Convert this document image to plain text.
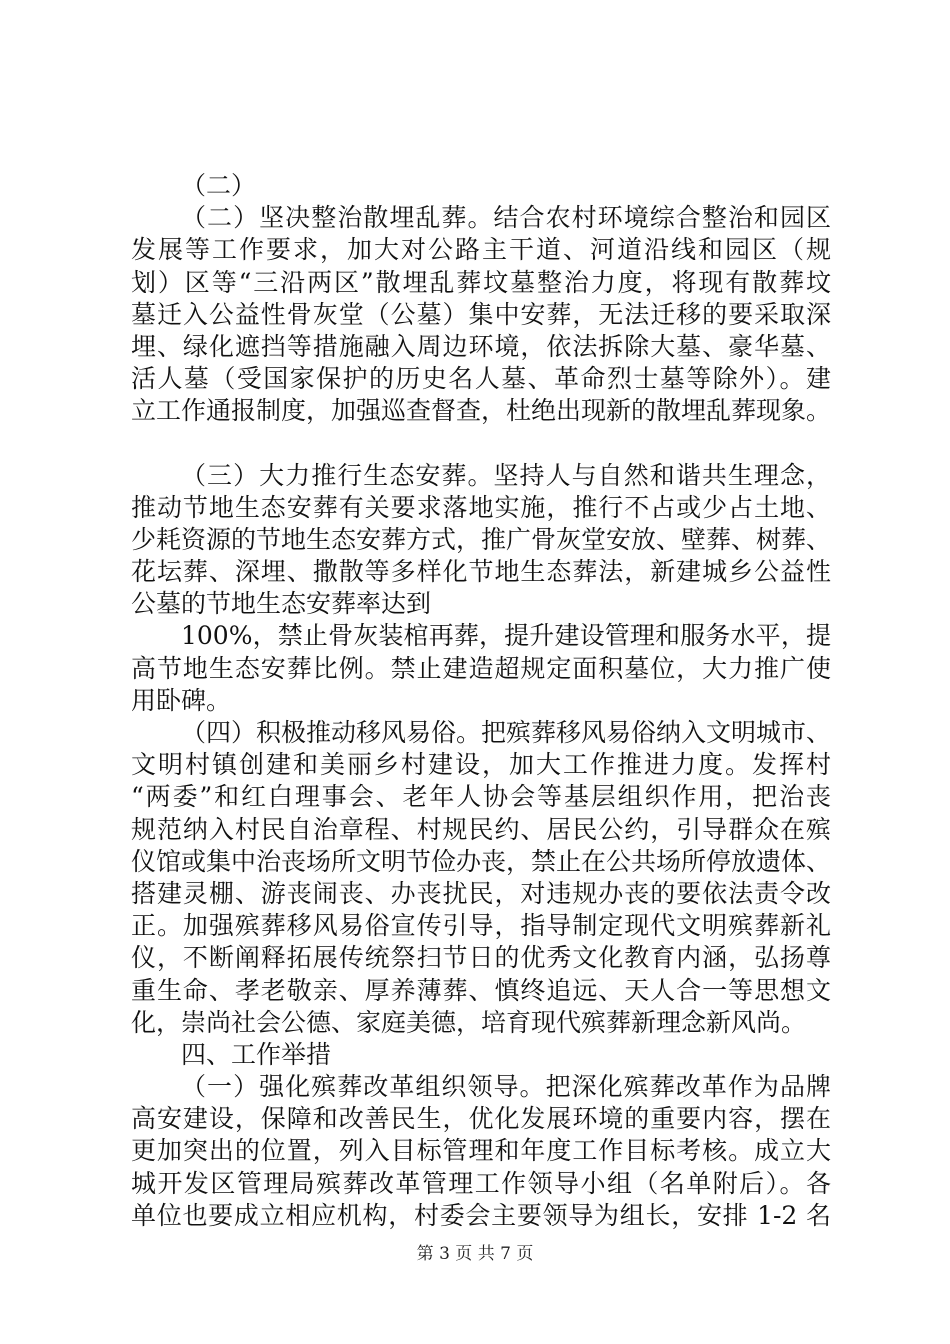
（二）
（二）坚决整治散埋乱葬。结合农村环境综合整治和园区
发展等工作要求，加大对公路主干道、河道沿线和园区（规
划）区等“三沿两区”散埋乱葬坟墓整治力度，将现有散葬坟
墓迁入公益性骨灰堂（公墓）集中安葬，无法迁移的要采取深
埋、绿化遮挡等措施融入周边环境，依法拆除大墓、豪华墓、
活人墓（受国家保护的历史名人墓、革命烈士墓等除外）。建
立工作通报制度，加强巡查督查，杜绝出现新的散埋乱葬现象。
（三）大力推行生态安葬。坚持人与自然和谐共生理念，
推动节地生态安葬有关要求落地实施，推行不占或少占土地、
少耗资源的节地生态安葬方式，推广骨灰堂安放、壁葬、树葬、
花坛葬、深埋、撒散等多样化节地生态葬法，新建城乡公益性
公墓的节地生态安葬率达到
100%，禁止骨灰装棺再葬，提升建设管理和服务水平，提
高节地生态安葬比例。禁止建造超规定面积墓位，大力推广使
用卧碑。
（四）积极推动移风易俗。把殡葬移风易俗纳入文明城市、
文明村镇创建和美丽乡村建设，加大工作推进力度。发挥村
“两委”和红白理事会、老年人协会等基层组织作用，把治丧
规范纳入村民自治章程、村规民约、居民公约，引导群众在殡
仪馆或集中治丧场所文明节俭办丧，禁止在公共场所停放遗体、
搭建灵棚、游丧闹丧、办丧扰民，对违规办丧的要依法责令改
正。加强殡葬移风易俗宣传引导，指导制定现代文明殡葬新礼
仪，不断阐释拓展传统祭扫节日的优秀文化教育内涵，弘扬尊
重生命、孝老敬亲、厚养薄葬、慎终追远、天人合一等思想文
化，崇尚社会公德、家庭美德，培育现代殡葬新理念新风尚。
四、工作举措
（一）强化殡葬改革组织领导。把深化殡葬改革作为品牌
高安建设，保障和改善民生，优化发展环境的重要内容，摆在
更加突出的位置，列入目标管理和年度工作目标考核。成立大
城开发区管理局殡葬改革管理工作领导小组（名单附后）。各
单位也要成立相应机构，村委会主要领导为组长，安排 1-2 名
第 3 页 共 7 页
